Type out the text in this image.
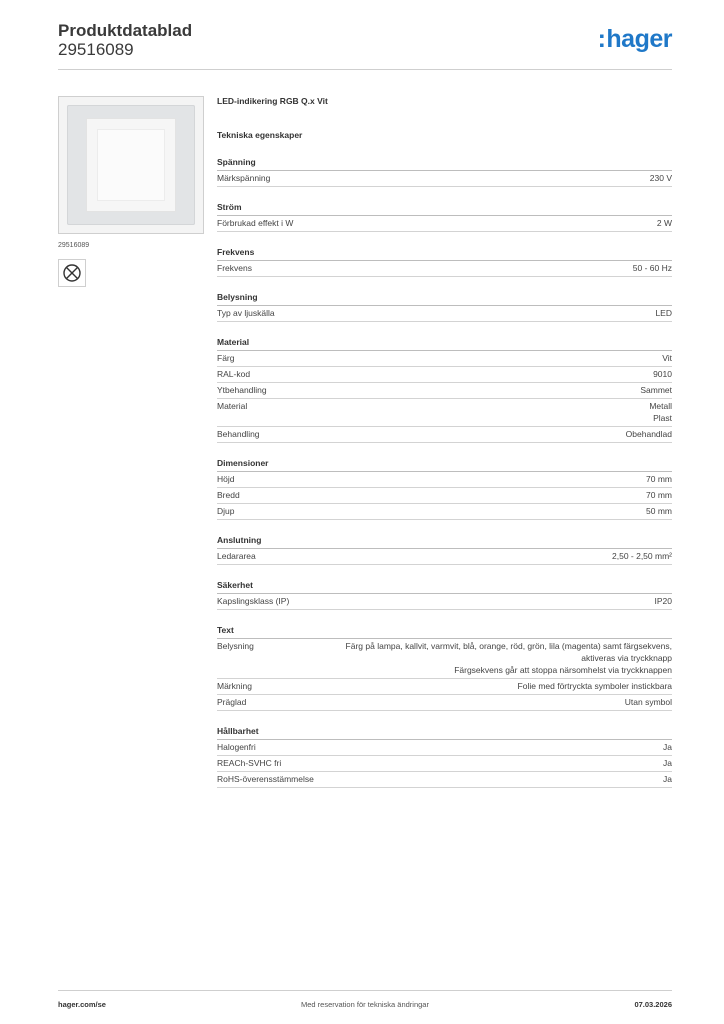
Produktdatablad
29516089	:hager
29516089
LED-indikering RGB Q.x Vit
Tekniska egenskaper
Spänning
Märkspänning	230 V
Ström
Förbrukad effekt i W	2 W
Frekvens
Frekvens	50 - 60 Hz
Belysning
Typ av ljuskälla	LED
Material
Färg	Vit
RAL-kod	9010
Ytbehandling	Sammet
Material	Metall
Plast
Behandling	Obehandlad
Dimensioner
Höjd	70 mm
Bredd	70 mm
Djup	50 mm
Anslutning
Ledararea	2,50 - 2,50 mm²
Säkerhet
Kapslingsklass (IP)	IP20
Text
Belysning	Färg på lampa, kallvit, varmvit, blå, orange, röd, grön, lila (magenta) samt färgsekvens,
aktiveras via tryckknapp
Färgsekvens går att stoppa närsomhelst via tryckknappen
Märkning	Folie med förtryckta symboler instickbara
Präglad	Utan symbol
Hållbarhet
Halogenfri	Ja
REACh-SVHC fri	Ja
RoHS-överensstämmelse	Ja
hager.com/se	Med reservation för tekniska ändringar	07.03.2026
